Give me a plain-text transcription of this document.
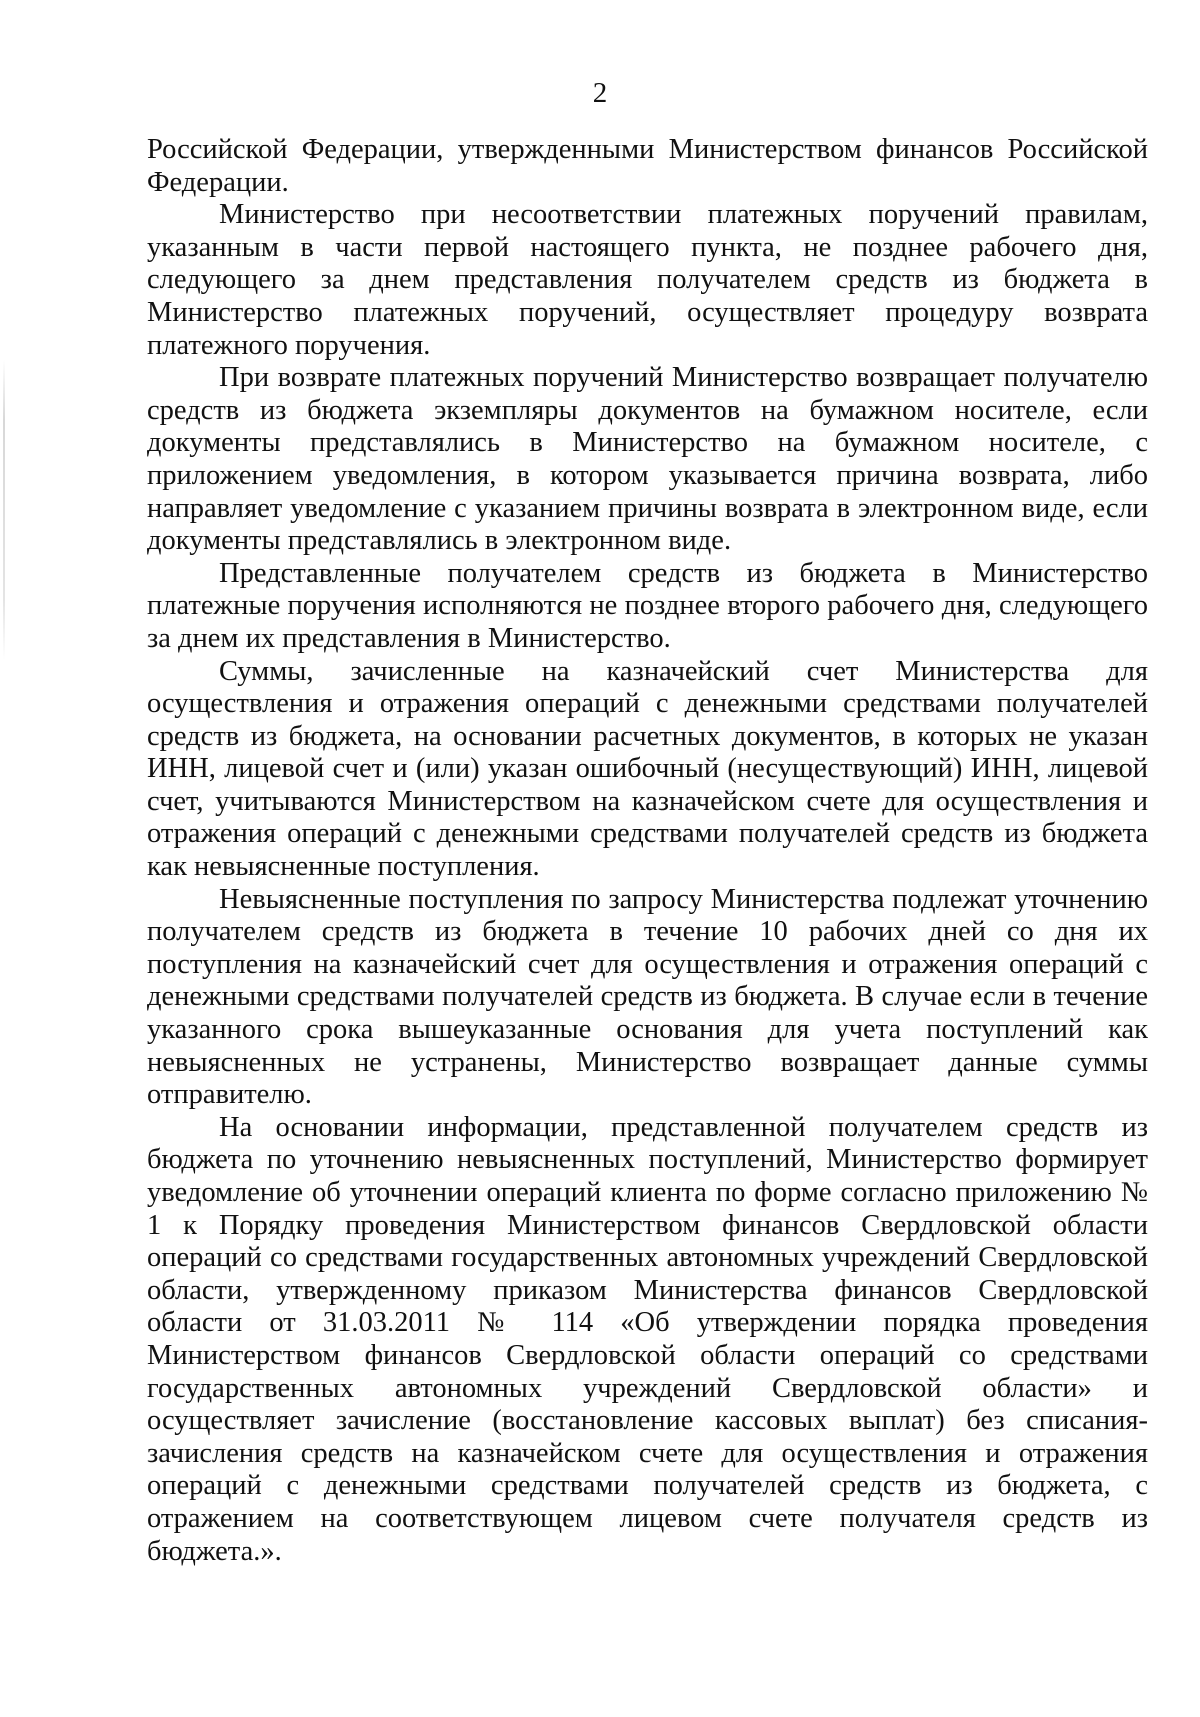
2

Российской Федерации, утвержденными Министерством финансов Российской Федерации.

Министерство при несоответствии платежных поручений правилам, указанным в части первой настоящего пункта, не позднее рабочего дня, следующего за днем представления получателем средств из бюджета в Министерство платежных поручений, осуществляет процедуру возврата платежного поручения.

При возврате платежных поручений Министерство возвращает получателю средств из бюджета экземпляры документов на бумажном носителе, если документы представлялись в Министерство на бумажном носителе, с приложением уведомления, в котором указывается причина возврата, либо направляет уведомление с указанием причины возврата в электронном виде, если документы представлялись в электронном виде.

Представленные получателем средств из бюджета в Министерство платежные поручения исполняются не позднее второго рабочего дня, следующего за днем их представления в Министерство.

Суммы, зачисленные на казначейский счет Министерства для осуществления и отражения операций с денежными средствами получателей средств из бюджета, на основании расчетных документов, в которых не указан ИНН, лицевой счет и (или) указан ошибочный (несуществующий) ИНН, лицевой счет, учитываются Министерством на казначейском счете для осуществления и отражения операций с денежными средствами получателей средств из бюджета как невыясненные поступления.

Невыясненные поступления по запросу Министерства подлежат уточнению получателем средств из бюджета в течение 10 рабочих дней со дня их поступления на казначейский счет для осуществления и отражения операций с денежными средствами получателей средств из бюджета. В случае если в течение указанного срока вышеуказанные основания для учета поступлений как невыясненных не устранены, Министерство возвращает данные суммы отправителю.

На основании информации, представленной получателем средств из бюджета по уточнению невыясненных поступлений, Министерство формирует уведомление об уточнении операций клиента по форме согласно приложению № 1 к Порядку проведения Министерством финансов Свердловской области операций со средствами государственных автономных учреждений Свердловской области, утвержденному приказом Министерства финансов Свердловской области от 31.03.2011 № 114 «Об утверждении порядка проведения Министерством финансов Свердловской области операций со средствами государственных автономных учреждений Свердловской области» и осуществляет зачисление (восстановление кассовых выплат) без списания-зачисления средств на казначейском счете для осуществления и отражения операций с денежными средствами получателей средств из бюджета, с отражением на соответствующем лицевом счете получателя средств из бюджета.».
